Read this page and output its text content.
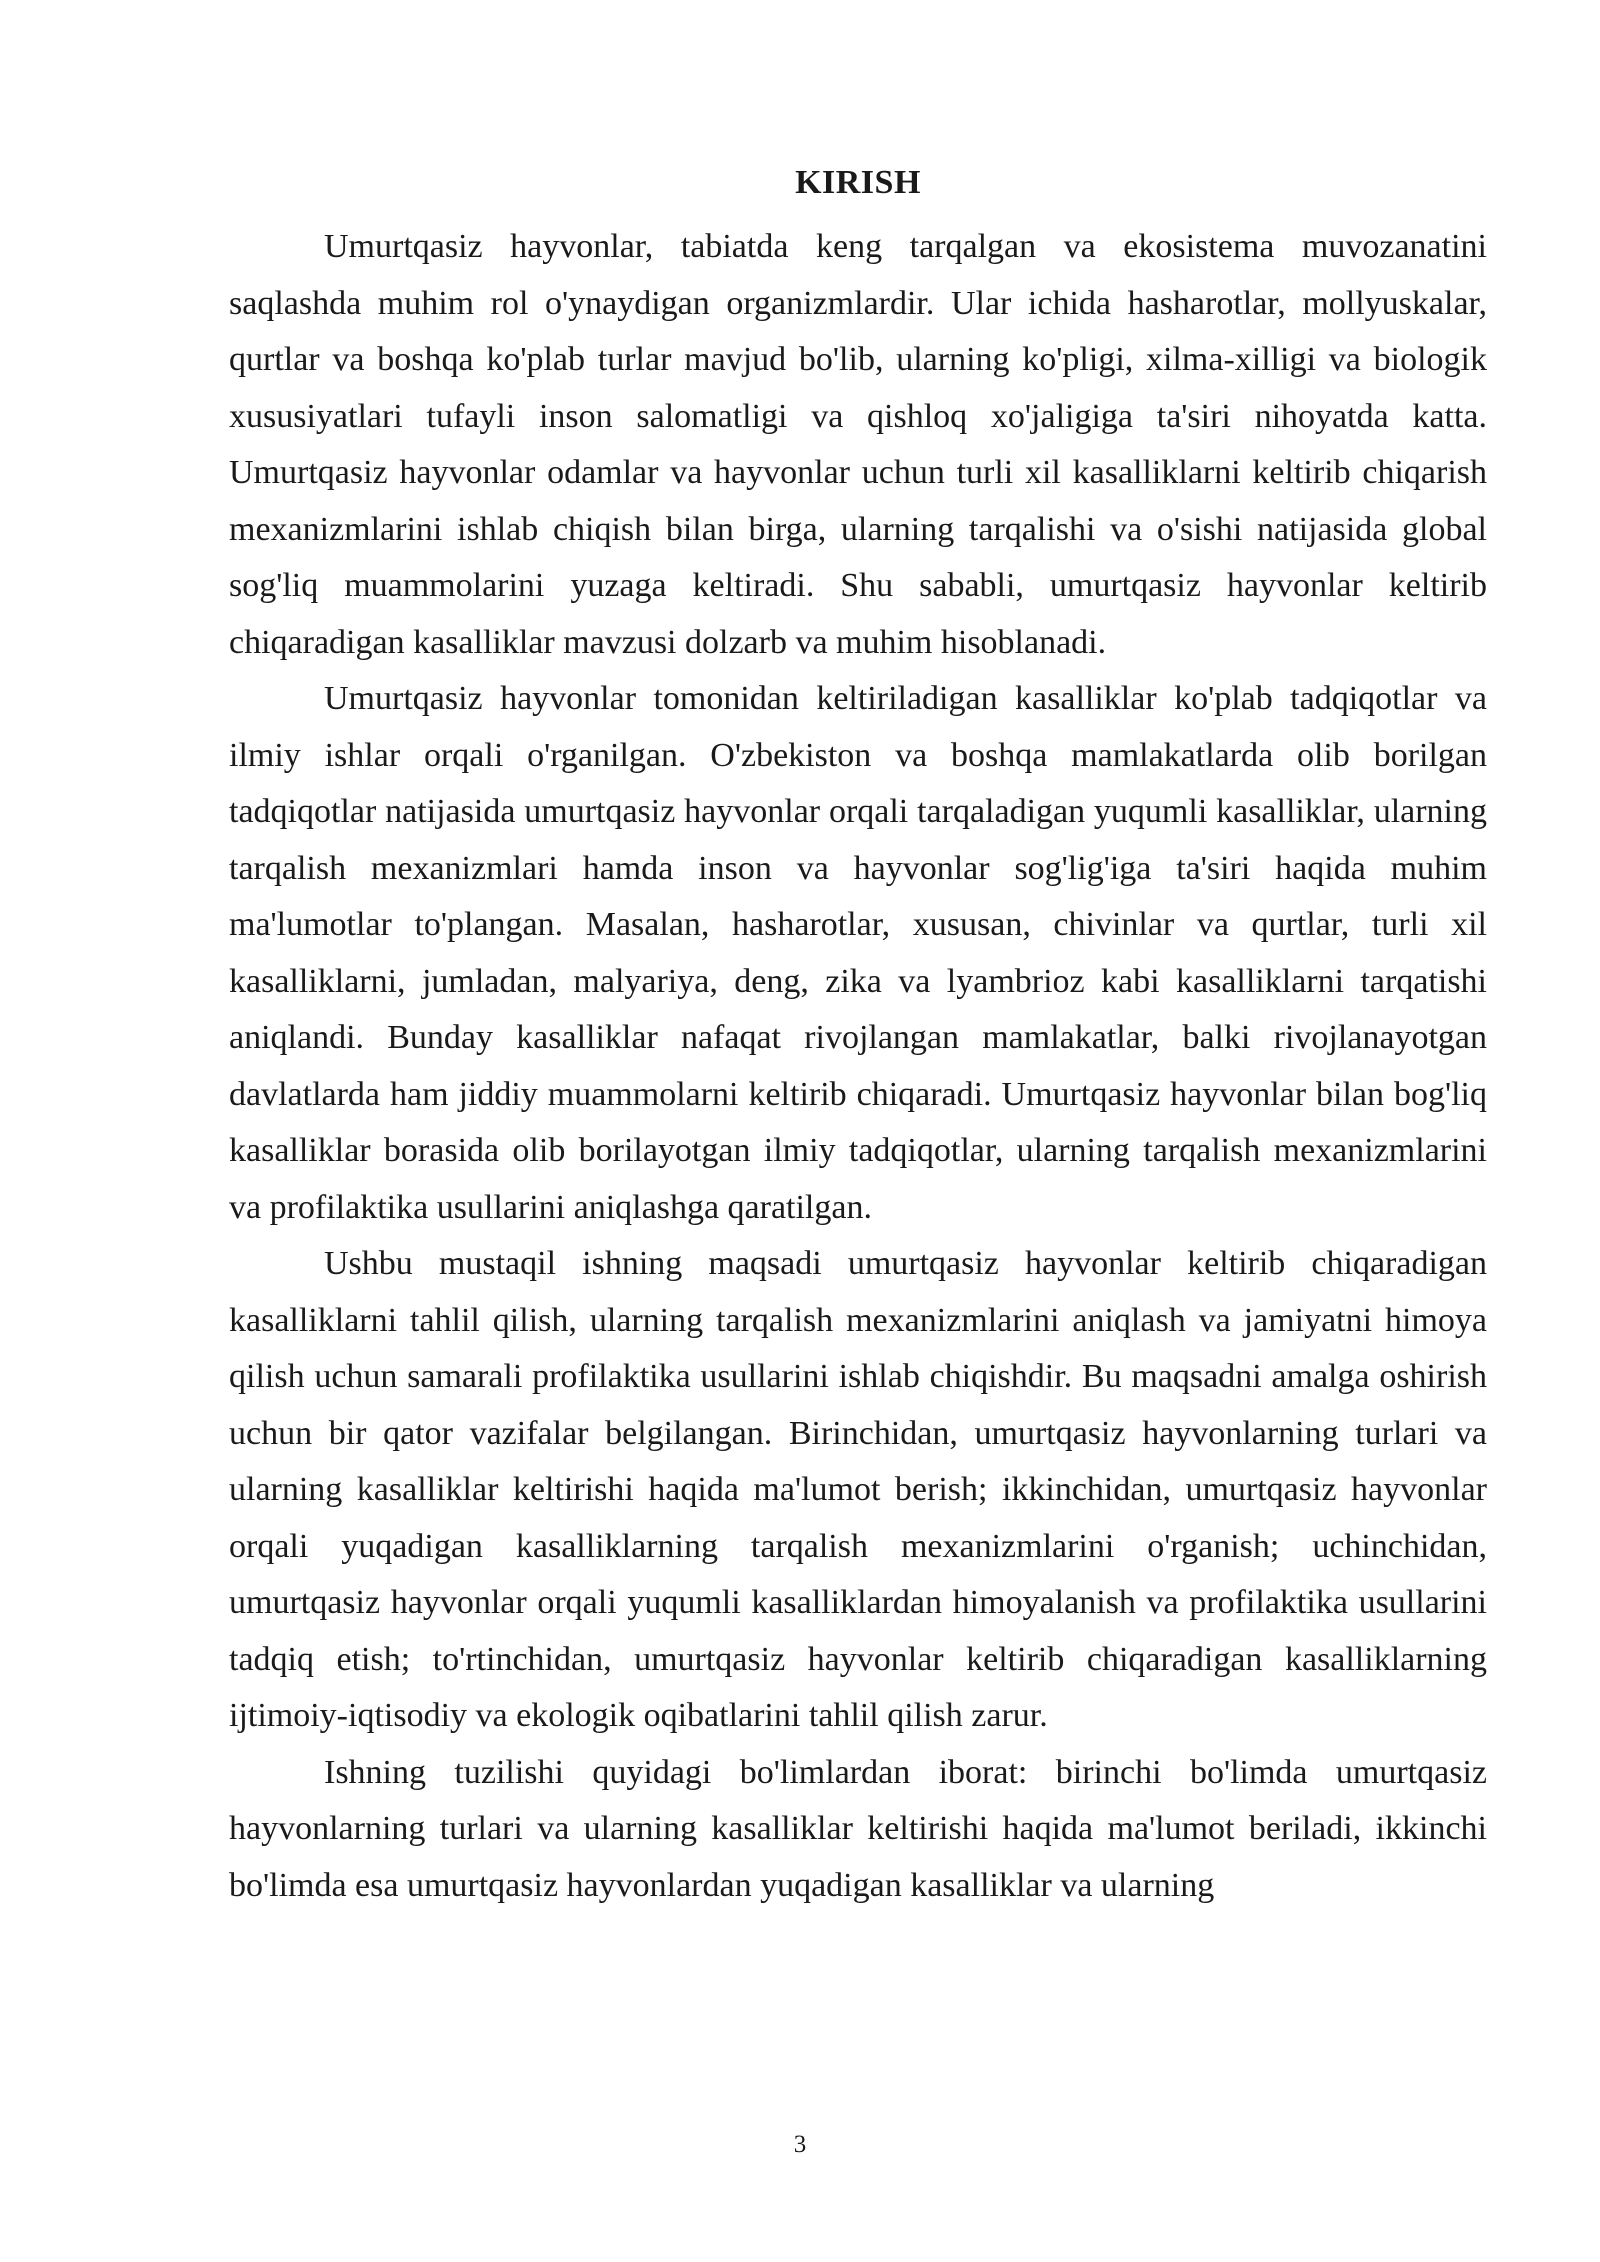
KIRISH

Umurtqasiz hayvonlar, tabiatda keng tarqalgan va ekosistema muvozanatini saqlashda muhim rol o'ynaydigan organizmlardir. Ular ichida hasharotlar, mollyuskalar, qurtlar va boshqa ko'plab turlar mavjud bo'lib, ularning ko'pligi, xilma-xilligi va biologik xususiyatlari tufayli inson salomatligi va qishloq xo'jaligiga ta'siri nihoyatda katta. Umurtqasiz hayvonlar odamlar va hayvonlar uchun turli xil kasalliklarni keltirib chiqarish mexanizmlarini ishlab chiqish bilan birga, ularning tarqalishi va o'sishi natijasida global sog'liq muammolarini yuzaga keltiradi. Shu sababli, umurtqasiz hayvonlar keltirib chiqaradigan kasalliklar mavzusi dolzarb va muhim hisoblanadi.

Umurtqasiz hayvonlar tomonidan keltiriladigan kasalliklar ko'plab tadqiqotlar va ilmiy ishlar orqali o'rganilgan. O'zbekiston va boshqa mamlakatlarda olib borilgan tadqiqotlar natijasida umurtqasiz hayvonlar orqali tarqaladigan yuqumli kasalliklar, ularning tarqalish mexanizmlari hamda inson va hayvonlar sog'lig'iga ta'siri haqida muhim ma'lumotlar to'plangan. Masalan, hasharotlar, xususan, chivinlar va qurtlar, turli xil kasalliklarni, jumladan, malyariya, deng, zika va lyambrioz kabi kasalliklarni tarqatishi aniqlandi. Bunday kasalliklar nafaqat rivojlangan mamlakatlar, balki rivojlanayotgan davlatlarda ham jiddiy muammolarni keltirib chiqaradi. Umurtqasiz hayvonlar bilan bog'liq kasalliklar borasida olib borilayotgan ilmiy tadqiqotlar, ularning tarqalish mexanizmlarini va profilaktika usullarini aniqlashga qaratilgan.

Ushbu mustaqil ishning maqsadi umurtqasiz hayvonlar keltirib chiqaradigan kasalliklarni tahlil qilish, ularning tarqalish mexanizmlarini aniqlash va jamiyatni himoya qilish uchun samarali profilaktika usullarini ishlab chiqishdir. Bu maqsadni amalga oshirish uchun bir qator vazifalar belgilangan. Birinchidan, umurtqasiz hayvonlarning turlari va ularning kasalliklar keltirishi haqida ma'lumot berish; ikkinchidan, umurtqasiz hayvonlar orqali yuqadigan kasalliklarning tarqalish mexanizmlarini o'rganish; uchinchidan, umurtqasiz hayvonlar orqali yuqumli kasalliklardan himoyalanish va profilaktika usullarini tadqiq etish; to'rtinchidan, umurtqasiz hayvonlar keltirib chiqaradigan kasalliklarning ijtimoiy-iqtisodiy va ekologik oqibatlarini tahlil qilish zarur.

Ishning tuzilishi quyidagi bo'limlardan iborat: birinchi bo'limda umurtqasiz hayvonlarning turlari va ularning kasalliklar keltirishi haqida ma'lumot beriladi, ikkinchi bo'limda esa umurtqasiz hayvonlardan yuqadigan kasalliklar va ularning

3
